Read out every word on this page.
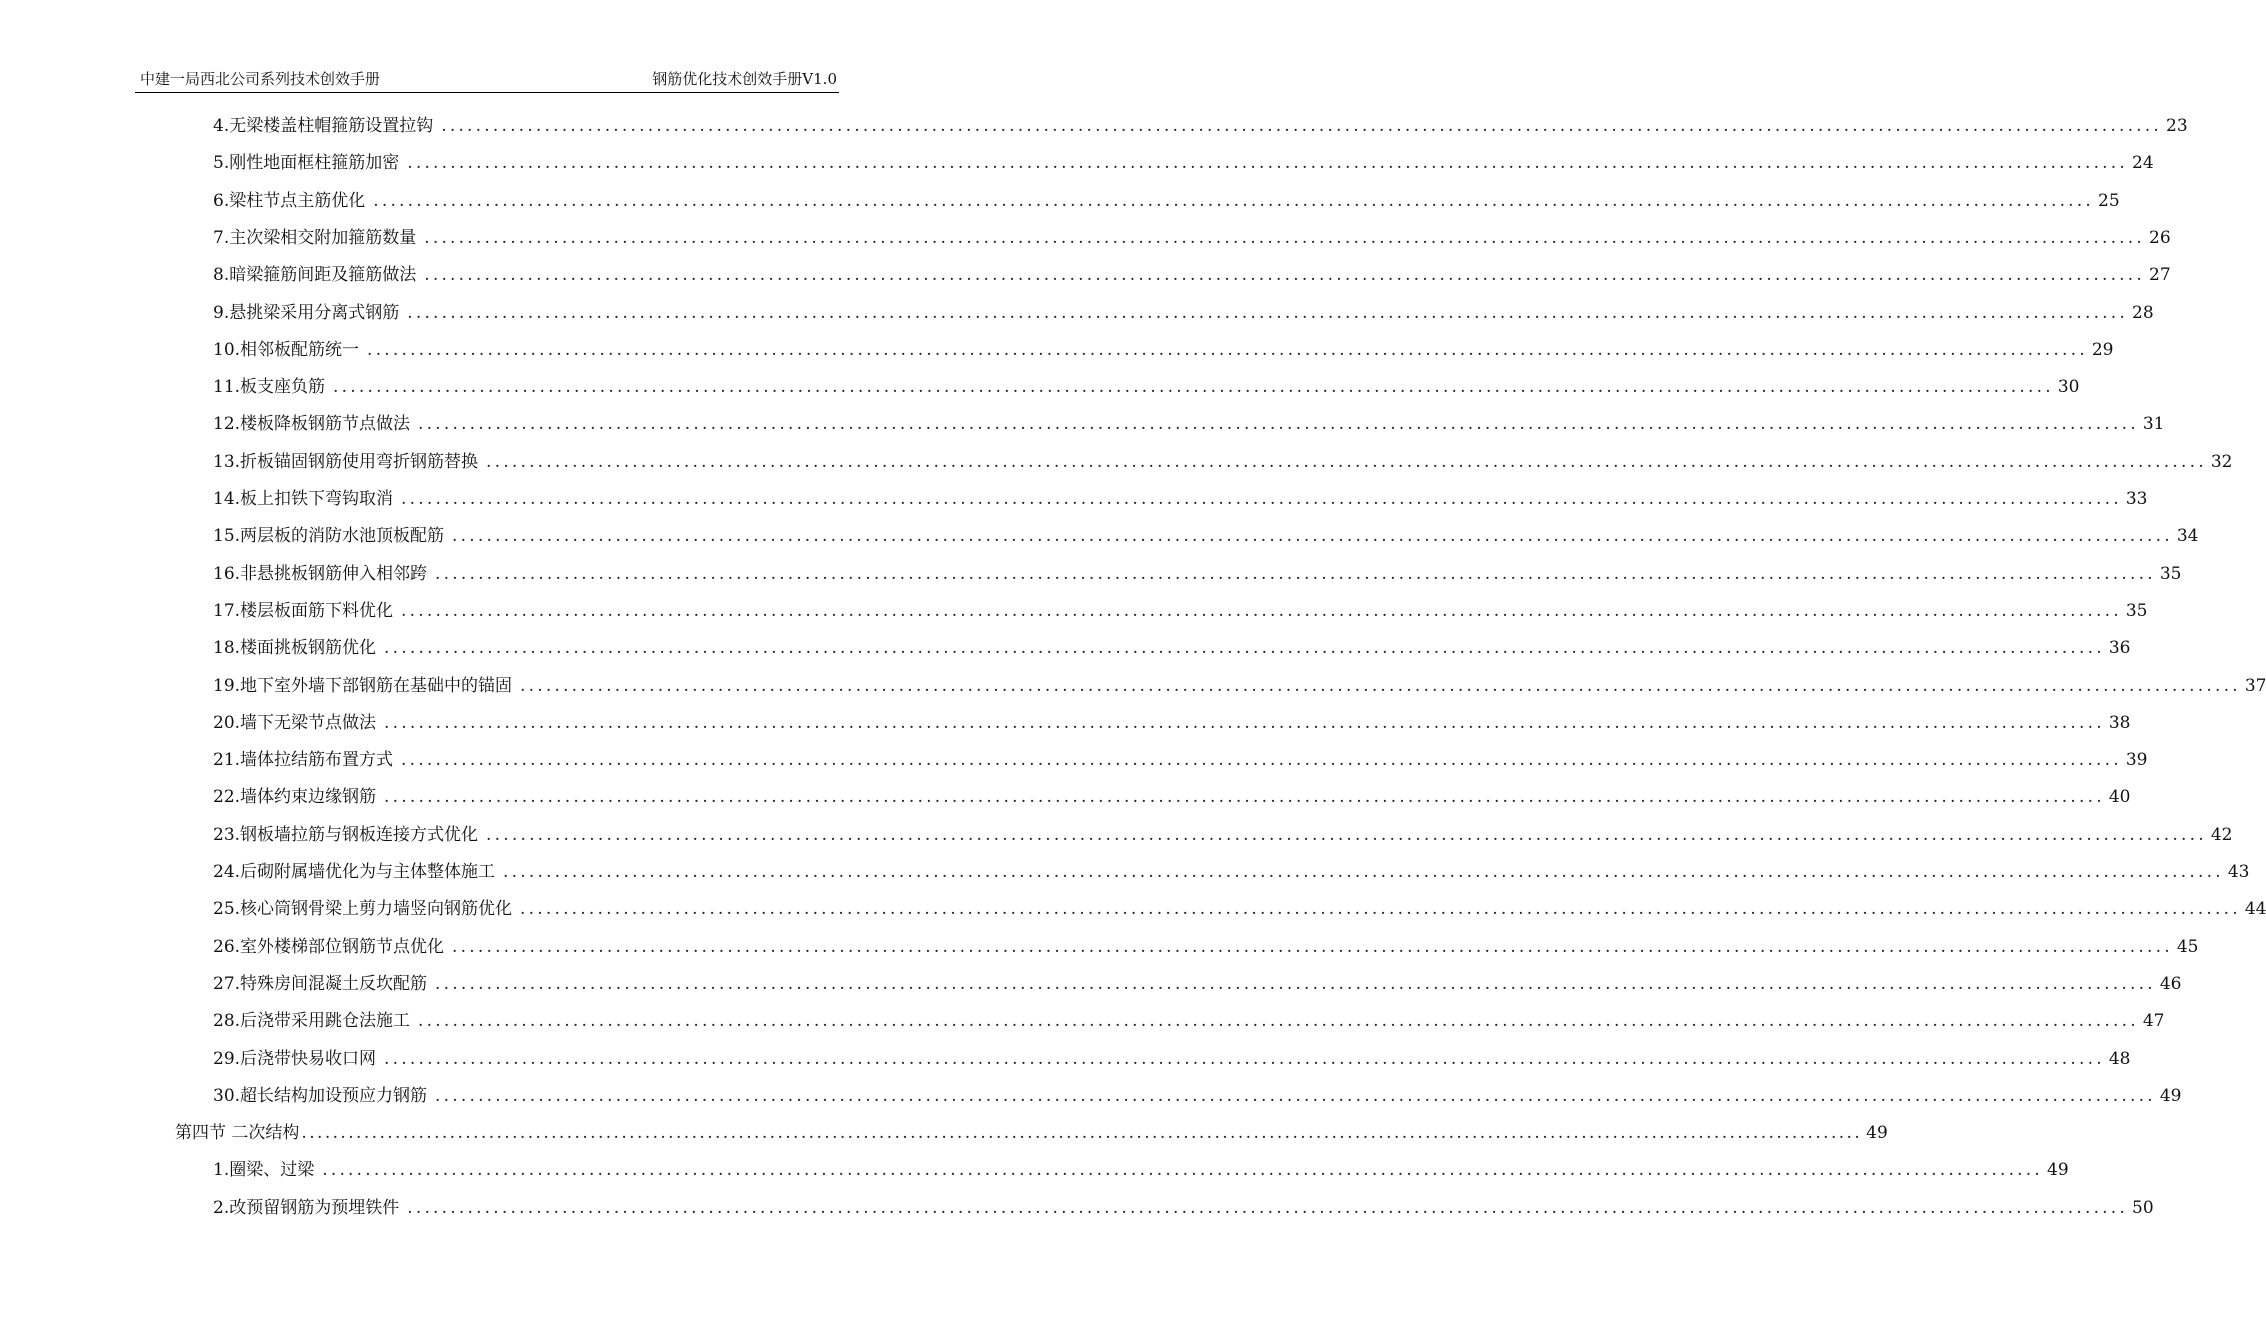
中建一局西北公司系列技术创效手册	钢筋优化技术创效手册V1.0
4. 无梁楼盖柱帽箍筋设置拉钩 ........................................................................................................................................................................................................ 23
5. 刚性地面框柱箍筋加密 ........................................................................................................................................................................................................ 24
6. 梁柱节点主筋优化 ........................................................................................................................................................................................................ 25
7. 主次梁相交附加箍筋数量 ........................................................................................................................................................................................................ 26
8. 暗梁箍筋间距及箍筋做法 ........................................................................................................................................................................................................ 27
9. 悬挑梁采用分离式钢筋 ........................................................................................................................................................................................................ 28
10. 相邻板配筋统一 ........................................................................................................................................................................................................ 29
11. 板支座负筋 ........................................................................................................................................................................................................ 30
12. 楼板降板钢筋节点做法 ........................................................................................................................................................................................................ 31
13. 折板锚固钢筋使用弯折钢筋替换 ........................................................................................................................................................................................................ 32
14. 板上扣铁下弯钩取消 ........................................................................................................................................................................................................ 33
15. 两层板的消防水池顶板配筋 ........................................................................................................................................................................................................ 34
16. 非悬挑板钢筋伸入相邻跨 ........................................................................................................................................................................................................ 35
17. 楼层板面筋下料优化 ........................................................................................................................................................................................................ 35
18. 楼面挑板钢筋优化 ........................................................................................................................................................................................................ 36
19. 地下室外墙下部钢筋在基础中的锚固 ........................................................................................................................................................................................................ 37
20. 墙下无梁节点做法 ........................................................................................................................................................................................................ 38
21. 墙体拉结筋布置方式 ........................................................................................................................................................................................................ 39
22. 墙体约束边缘钢筋 ........................................................................................................................................................................................................ 40
23. 钢板墙拉筋与钢板连接方式优化 ........................................................................................................................................................................................................ 42
24. 后砌附属墙优化为与主体整体施工 ........................................................................................................................................................................................................ 43
25. 核心筒钢骨梁上剪力墙竖向钢筋优化 ........................................................................................................................................................................................................ 44
26. 室外楼梯部位钢筋节点优化 ........................................................................................................................................................................................................ 45
27. 特殊房间混凝土反坎配筋 ........................................................................................................................................................................................................ 46
28. 后浇带采用跳仓法施工 ........................................................................................................................................................................................................ 47
29. 后浇带快易收口网 ........................................................................................................................................................................................................ 48
30. 超长结构加设预应力钢筋 ........................................................................................................................................................................................................ 49
第四节 二次结构 ........................................................................................................................................................................................................ 49
1. 圈梁、过梁 ........................................................................................................................................................................................................ 49
2. 改预留钢筋为预埋铁件 ........................................................................................................................................................................................................ 50
